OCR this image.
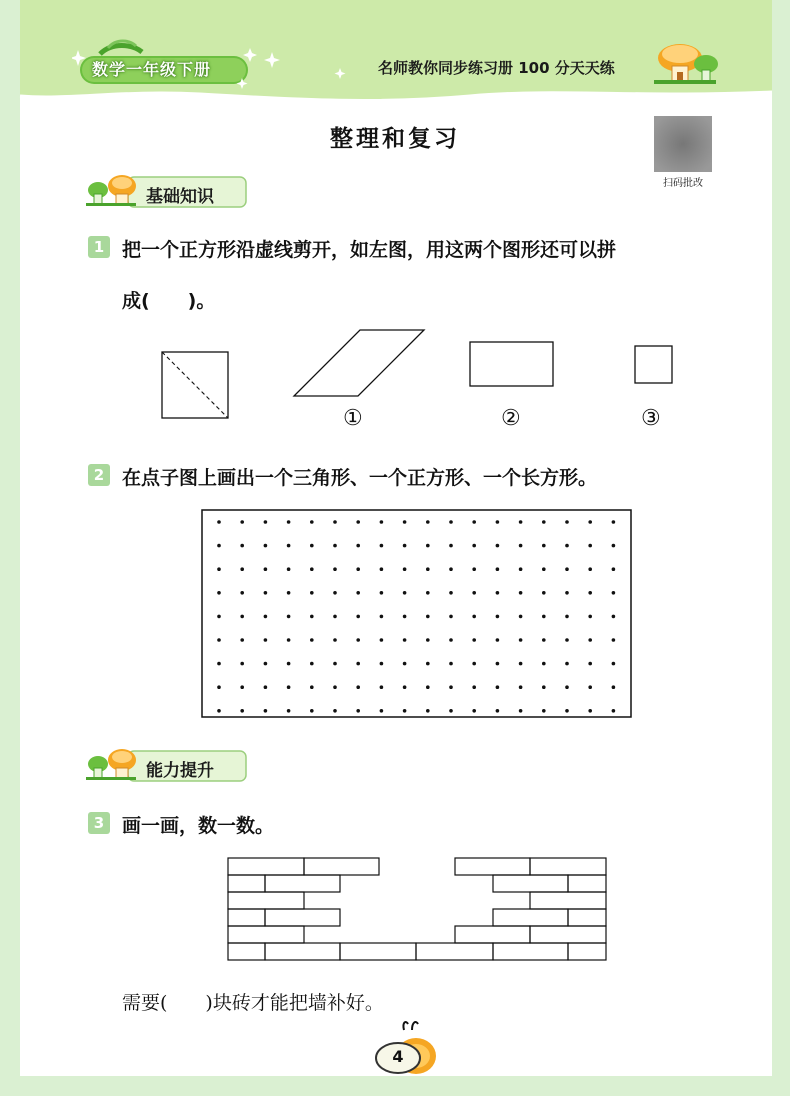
数学一年级下册	名师教你同步练习册 100 分天天练
整理和复习
扫码批改
基础知识
1 把一个正方形沿虚线剪开，如左图，用这两个图形还可以拼
成(　　)。
①	②	③
2 在点子图上画出一个三角形、一个正方形、一个长方形。
能力提升
3 画一画，数一数。
需要(　　)块砖才能把墙补好。
4
